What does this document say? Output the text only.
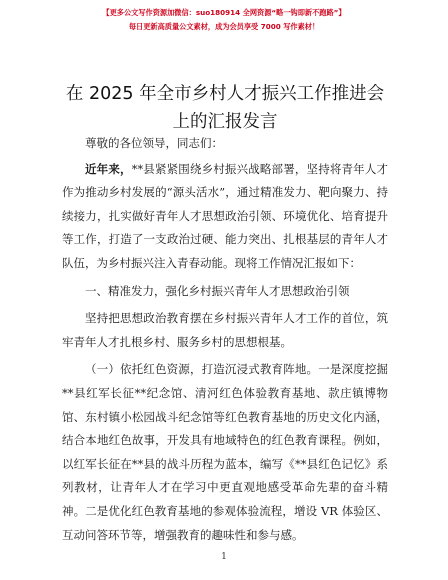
【更多公文写作资源加微信：suo180914 全网资源“略一钩即新不跑路”】
每日更新高质量公文素材，成为会员享受 7000 写作素材！
在 2025 年全市乡村人才振兴工作推进会上的汇报发言

尊敬的各位领导，同志们：

近年来，**县紧紧围绕乡村振兴战略部署，坚持将青年人才作为推动乡村发展的“源头活水”，通过精准发力、靶向聚力、持续接力，扎实做好青年人才思想政治引领、环境优化、培育提升等工作，打造了一支政治过硬、能力突出、扎根基层的青年人才队伍，为乡村振兴注入青春动能。现将工作情况汇报如下：

一、精准发力，强化乡村振兴青年人才思想政治引领

坚持把思想政治教育摆在乡村振兴青年人才工作的首位，筑牢青年人才扎根乡村、服务乡村的思想根基。

（一）依托红色资源，打造沉浸式教育阵地。一是深度挖掘**县红军长征**纪念馆、清河红色体验教育基地、款庄镇博物馆、东村镇小松园战斗纪念馆等红色教育基地的历史文化内涵，结合本地红色故事，开发具有地域特色的红色教育课程。例如，以红军长征在**县的战斗历程为蓝本，编写《**县红色记忆》系列教材，让青年人才在学习中更直观地感受革命先辈的奋斗精神。二是优化红色教育基地的参观体验流程，增设 VR 体验区、互动问答环节等，增强教育的趣味性和参与感。

1
